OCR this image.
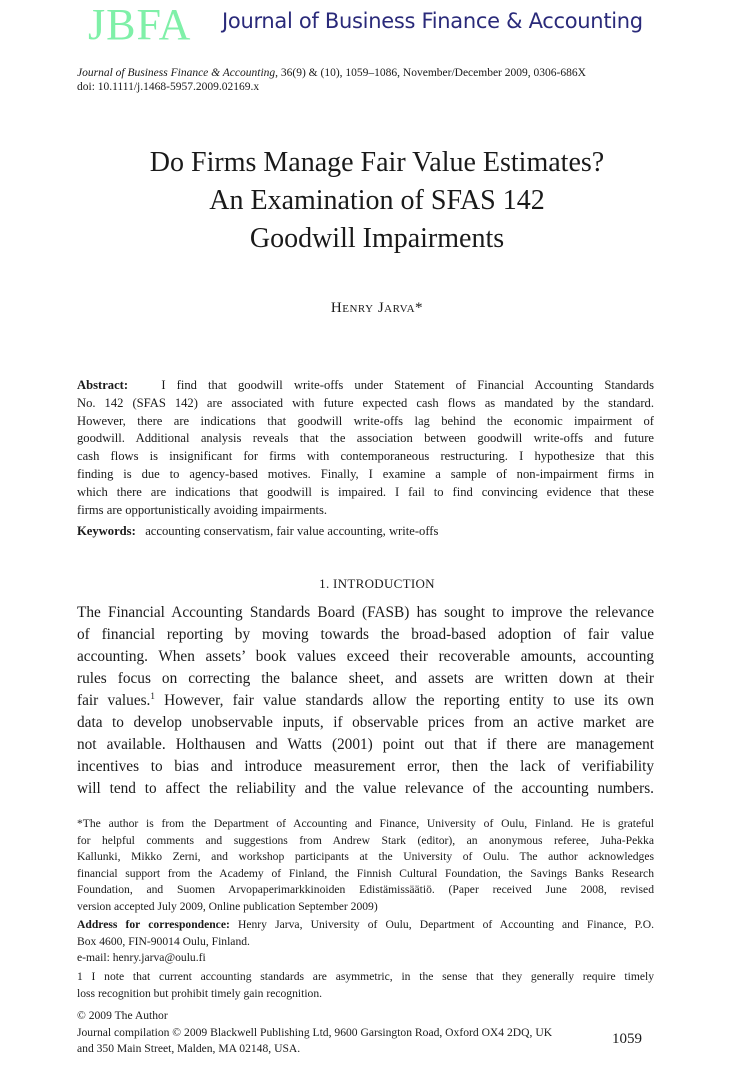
JBFA Journal of Business Finance & Accounting
Journal of Business Finance & Accounting, 36(9) & (10), 1059–1086, November/December 2009, 0306-686X
doi: 10.1111/j.1468-5957.2009.02169.x
Do Firms Manage Fair Value Estimates?
An Examination of SFAS 142
Goodwill Impairments
Henry Jarva*
Abstract:	I find that goodwill write-offs under Statement of Financial Accounting Standards
No. 142 (SFAS 142) are associated with future expected cash flows as mandated by the standard.
However, there are indications that goodwill write-offs lag behind the economic impairment of
goodwill. Additional analysis reveals that the association between goodwill write-offs and future
cash flows is insignificant for firms with contemporaneous restructuring. I hypothesize that this
finding is due to agency-based motives. Finally, I examine a sample of non-impairment firms in
which there are indications that goodwill is impaired. I fail to find convincing evidence that these
firms are opportunistically avoiding impairments.
Keywords: accounting conservatism, fair value accounting, write-offs
1. INTRODUCTION
The Financial Accounting Standards Board (FASB) has sought to improve the relevance
of financial reporting by moving towards the broad-based adoption of fair value
accounting. When assets’ book values exceed their recoverable amounts, accounting
rules focus on correcting the balance sheet, and assets are written down at their
fair values.$^1$ However, fair value standards allow the reporting entity to use its own
data to develop unobservable inputs, if observable prices from an active market are
not available. Holthausen and Watts (2001) point out that if there are management
incentives to bias and introduce measurement error, then the lack of verifiability
will tend to affect the reliability and the value relevance of the accounting numbers.
*The author is from the Department of Accounting and Finance, University of Oulu, Finland. He is grateful
for helpful comments and suggestions from Andrew Stark (editor), an anonymous referee, Juha-Pekka
Kallunki, Mikko Zerni, and workshop participants at the University of Oulu. The author acknowledges
financial support from the Academy of Finland, the Finnish Cultural Foundation, the Savings Banks Research
Foundation, and Suomen Arvopaperimarkkinoiden Edistämissäätiö. (Paper received June 2008, revised
version accepted July 2009, Online publication September 2009)
Address for correspondence: Henry Jarva, University of Oulu, Department of Accounting and Finance, P.O.
Box 4600, FIN-90014 Oulu, Finland.
e-mail: henry.jarva@oulu.fi
1 I note that current accounting standards are asymmetric, in the sense that they generally require timely
loss recognition but prohibit timely gain recognition.
© 2009 The Author
Journal compilation © 2009 Blackwell Publishing Ltd, 9600 Garsington Road, Oxford OX4 2DQ, UK
and 350 Main Street, Malden, MA 02148, USA.
1059
